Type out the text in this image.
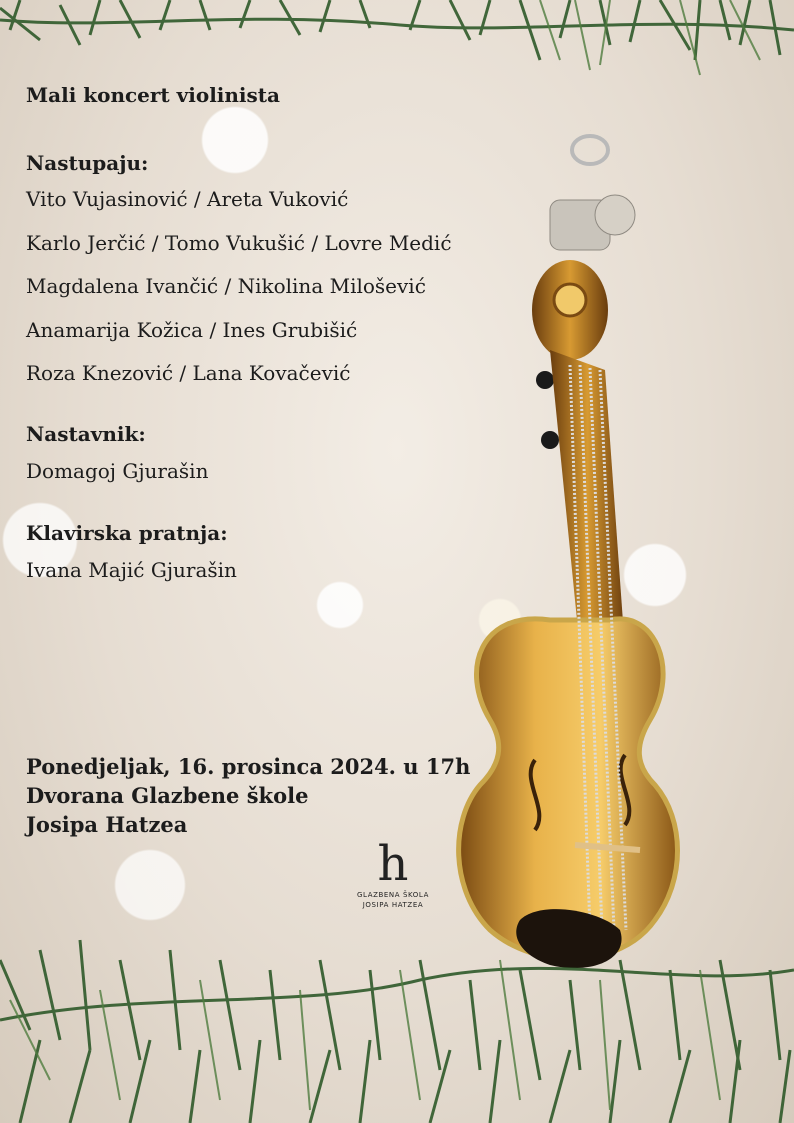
Mali koncert violinista
Nastupaju:
Vito Vujasinović / Areta Vuković
Karlo Jerčić / Tomo Vukušić / Lovre Medić
Magdalena Ivančić / Nikolina Milošević
Anamarija Kožica / Ines Grubišić
Roza Knezović / Lana Kovačević
Nastavnik:
Domagoj Gjurašin
Klavirska pratnja:
Ivana Majić Gjurašin
Ponedjeljak, 16. prosinca 2024. u 17h
Dvorana Glazbene škole
Josipa Hatzea
h
GLAZBENA ŠKOLA
JOSIPA HATZEA
